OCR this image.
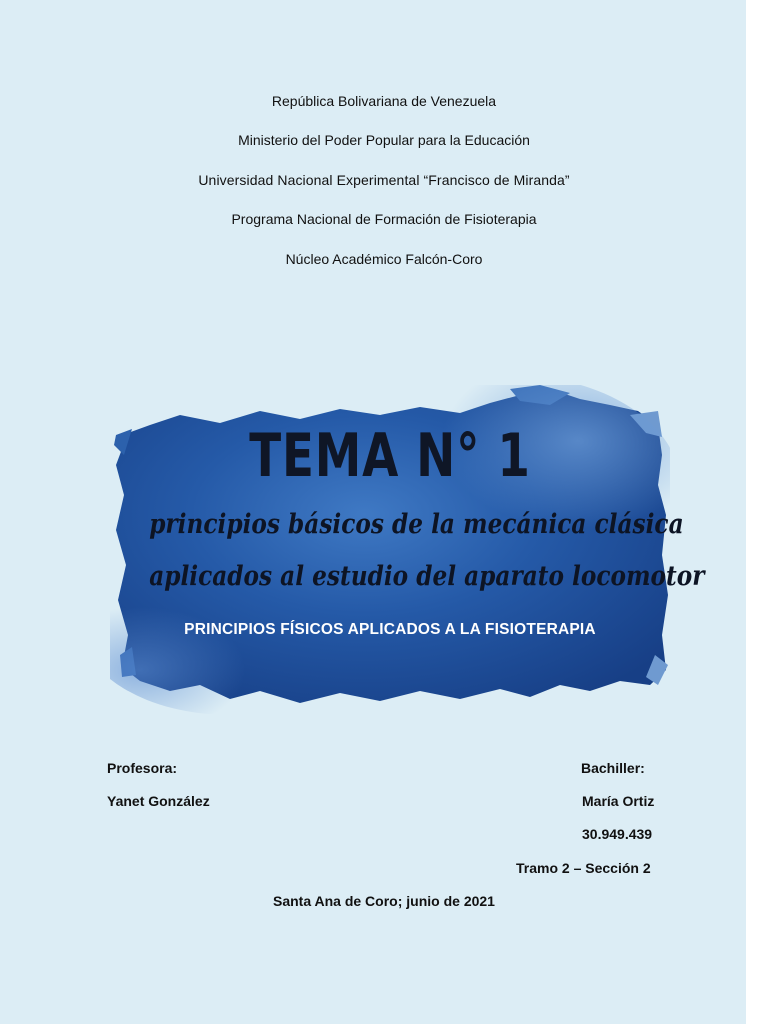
República Bolivariana de Venezuela
Ministerio del Poder Popular para la Educación
Universidad Nacional Experimental “Francisco de Miranda”
Programa Nacional de Formación de Fisioterapia
Núcleo Académico Falcón-Coro
TEMA N° 1
principios básicos de la mecánica clásica
aplicados al estudio del aparato locomotor
PRINCIPIOS FÍSICOS APLICADOS A LA FISIOTERAPIA
Profesora:
Yanet González
Bachiller:
María Ortiz
30.949.439
Tramo 2 – Sección 2
Santa Ana de Coro; junio de 2021
